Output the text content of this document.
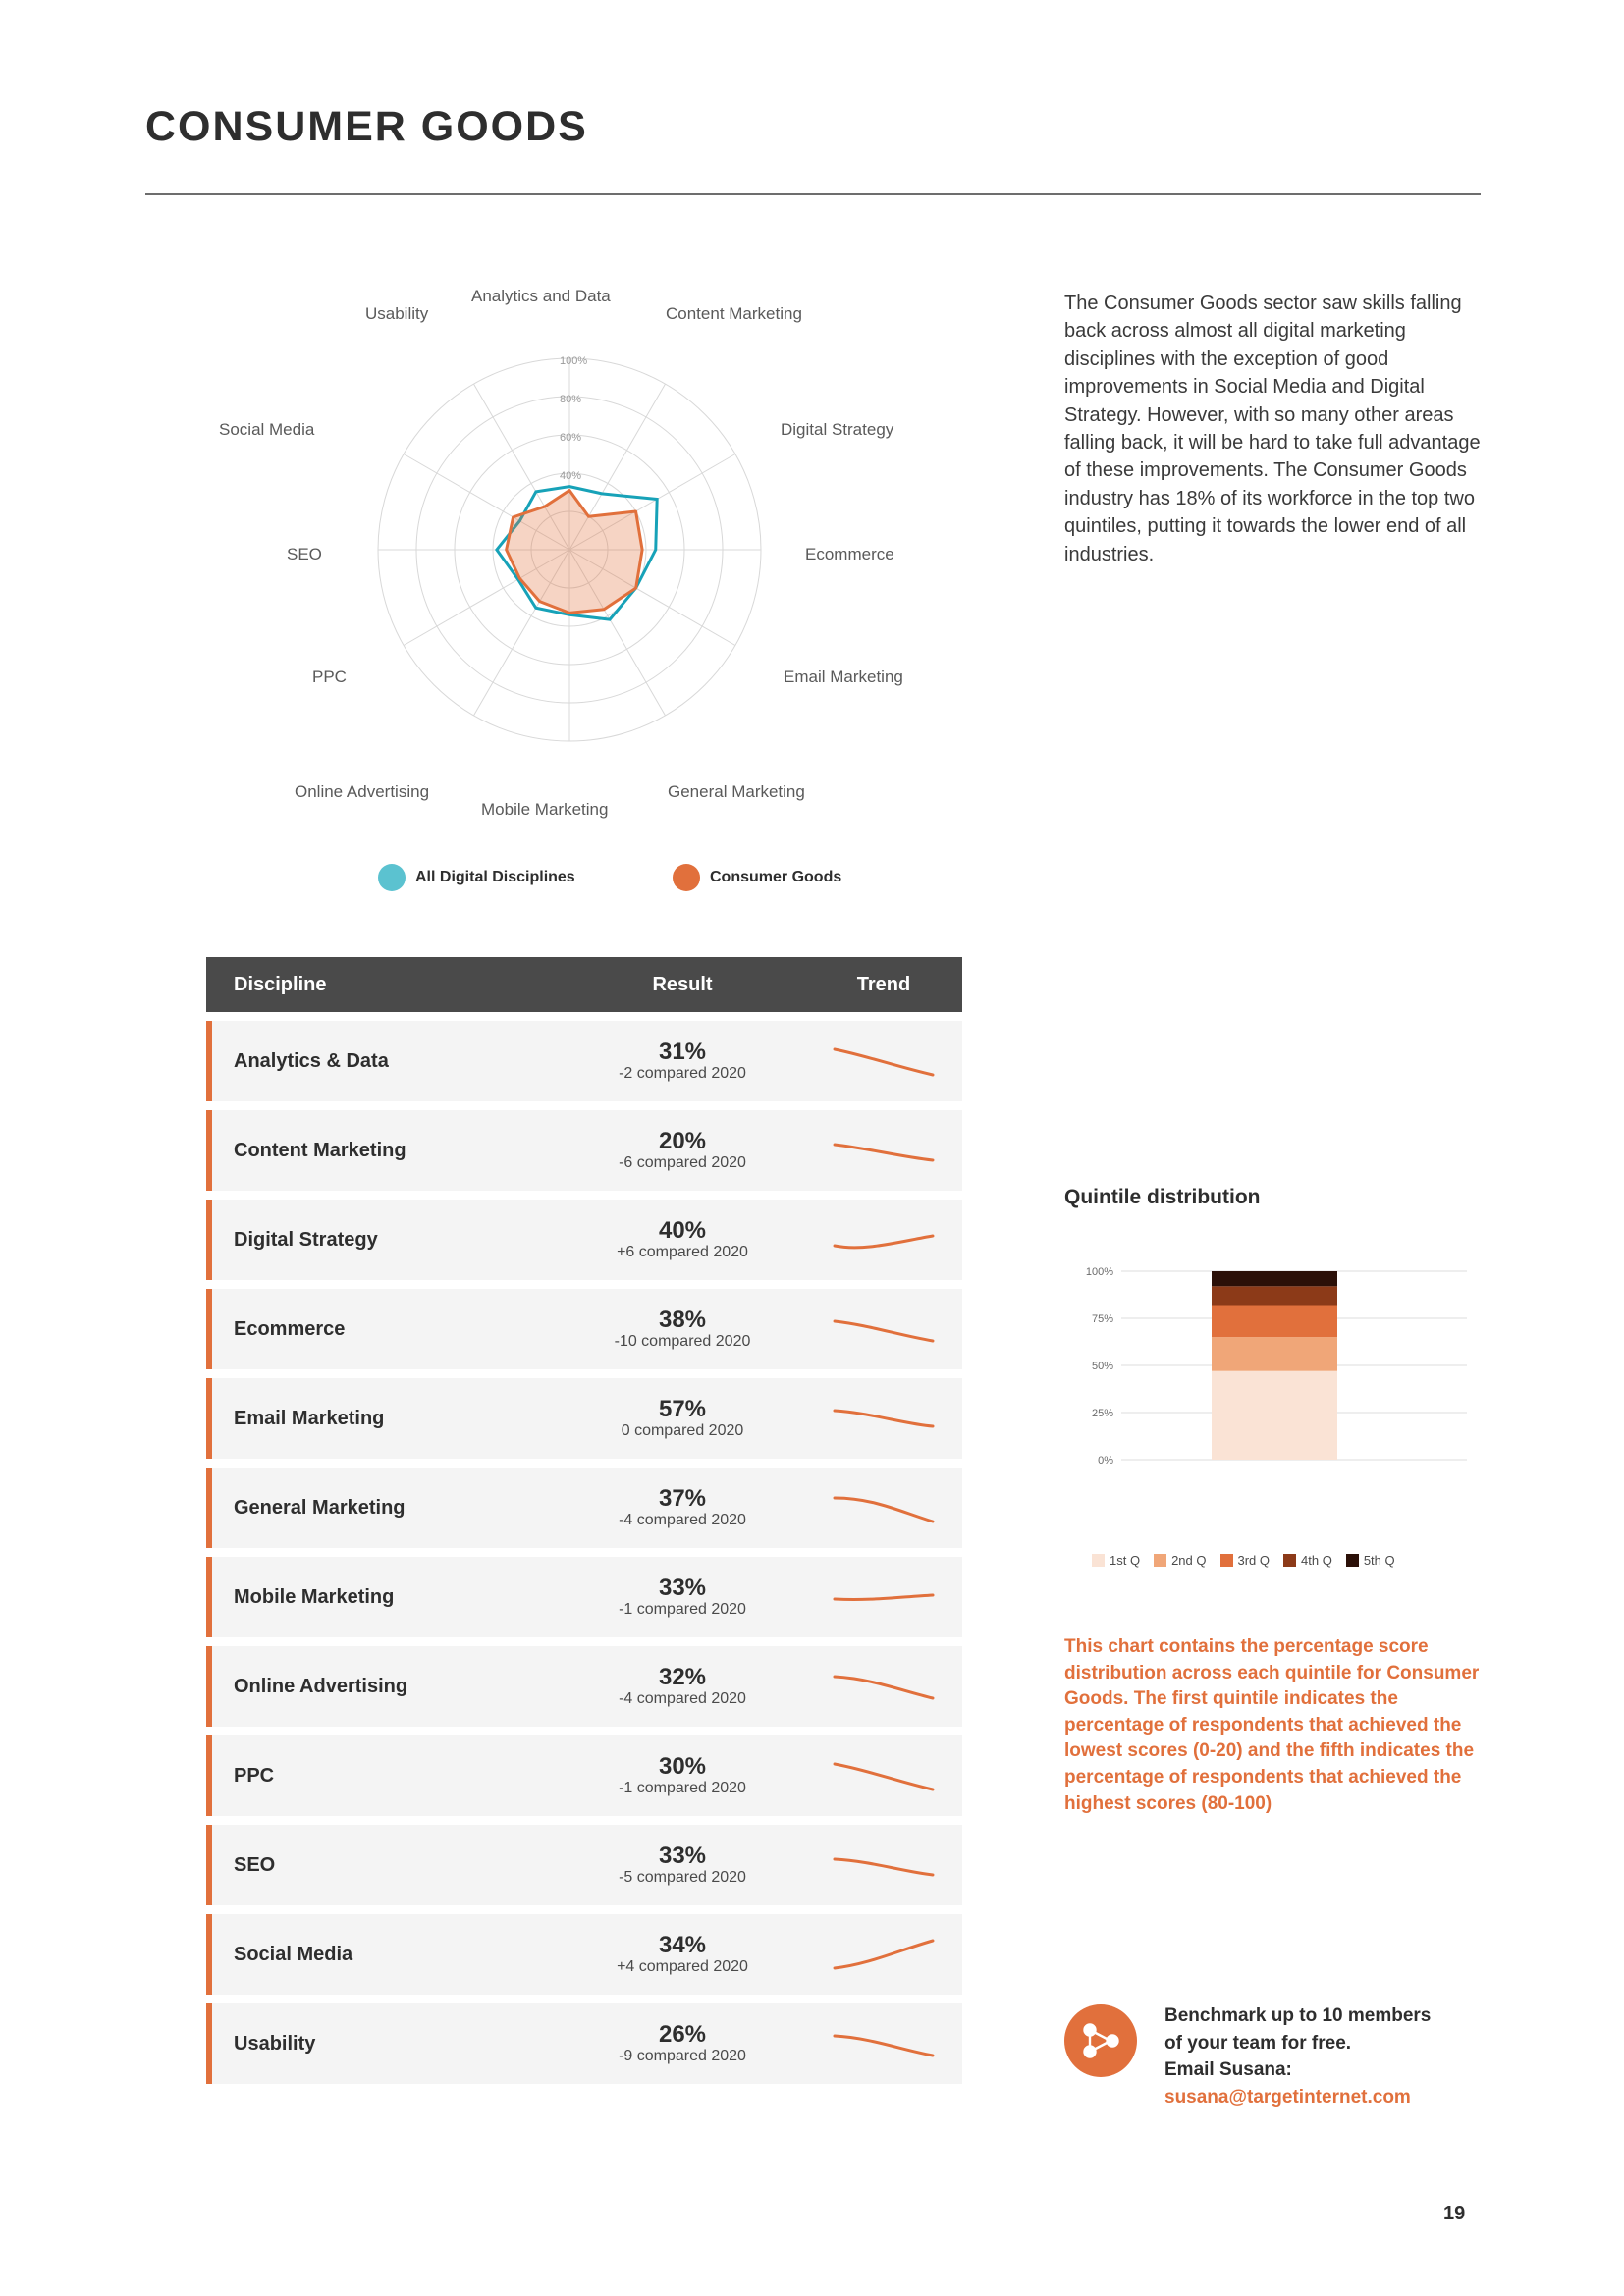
CONSUMER GOODS
100%
80%
60%
40%
Analytics and Data
Content Marketing
Digital Strategy
Ecommerce
Email Marketing
General Marketing
Mobile Marketing
Online Advertising
PPC
SEO
Social Media
Usability
All Digital Disciplines	Consumer Goods
The Consumer Goods sector saw skills falling back across almost all digital marketing disciplines with the exception of good improvements in Social Media and Digital Strategy. However, with so many other areas falling back, it will be hard to take full advantage of these improvements. The Consumer Goods industry has 18% of its workforce in the top two quintiles, putting it towards the lower end of all industries.
Discipline	Result	Trend
Analytics & Data	31%
-2 compared 2020
Content Marketing	20%
-6 compared 2020
Digital Strategy	40%
+6 compared 2020
Ecommerce	38%
-10 compared 2020
Email Marketing	57%
0 compared 2020
General Marketing	37%
-4 compared 2020
Mobile Marketing	33%
-1 compared 2020
Online Advertising	32%
-4 compared 2020
PPC	30%
-1 compared 2020
SEO	33%
-5 compared 2020
Social Media	34%
+4 compared 2020
Usability	26%
-9 compared 2020
Quintile distribution
100%
75%
50%
25%
0%
1st Q 2nd Q 3rd Q 4th Q 5th Q
This chart contains the percentage score distribution across each quintile for Consumer Goods. The first quintile indicates the percentage of respondents that achieved the lowest scores (0-20) and the fifth indicates the percentage of respondents that achieved the highest scores (80-100)
Benchmark up to 10 members
of your team for free.
Email Susana:
susana@targetinternet.com
19
